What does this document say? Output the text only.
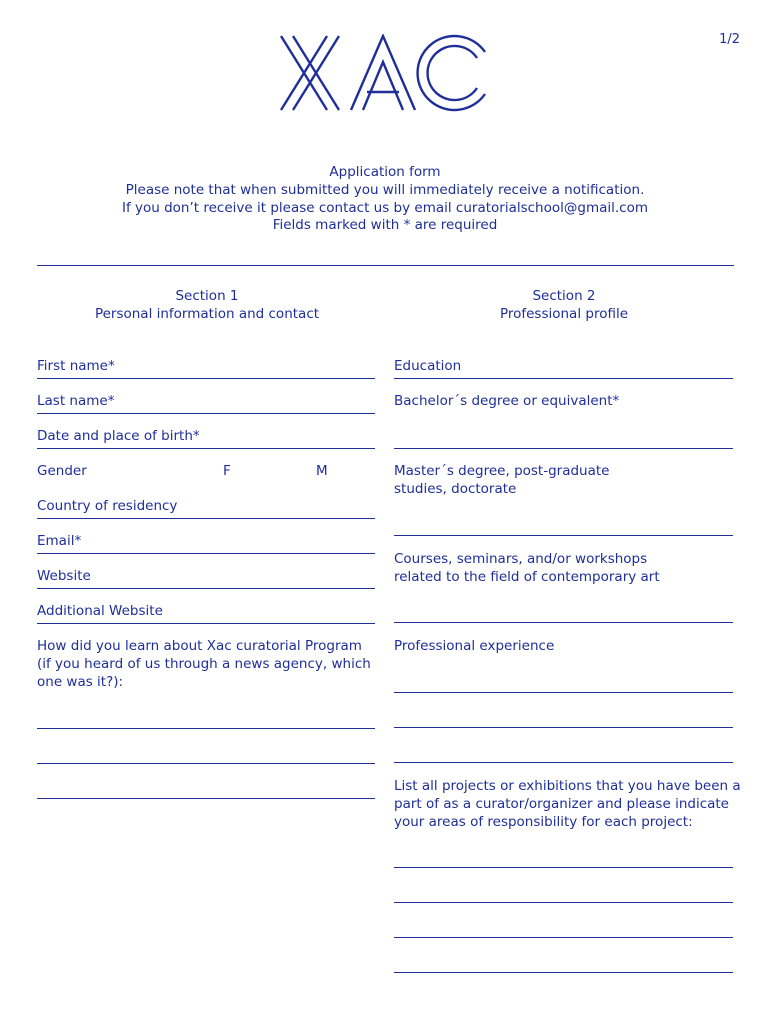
1/2
Application form
Please note that when submitted you will immediately receive a notification.
If you don’t receive it please contact us by email curatorialschool@gmail.com
Fields marked with * are required
Section 1
Personal information and contact
Section 2
Professional profile
First name*
Last name*
Date and place of birth*
Gender	F	M
Country of residency
Email*
Website
Additional Website
How did you learn about Xac curatorial Program
(if you heard of us through a news agency, which
one was it?):
Education
Bachelor´s degree or equivalent*
Master´s degree, post-graduate
studies, doctorate
Courses, seminars, and/or workshops
related to the field of contemporary art
Professional experience
List all projects or exhibitions that you have been a
part of as a curator/organizer and please indicate
your areas of responsibility for each project:
